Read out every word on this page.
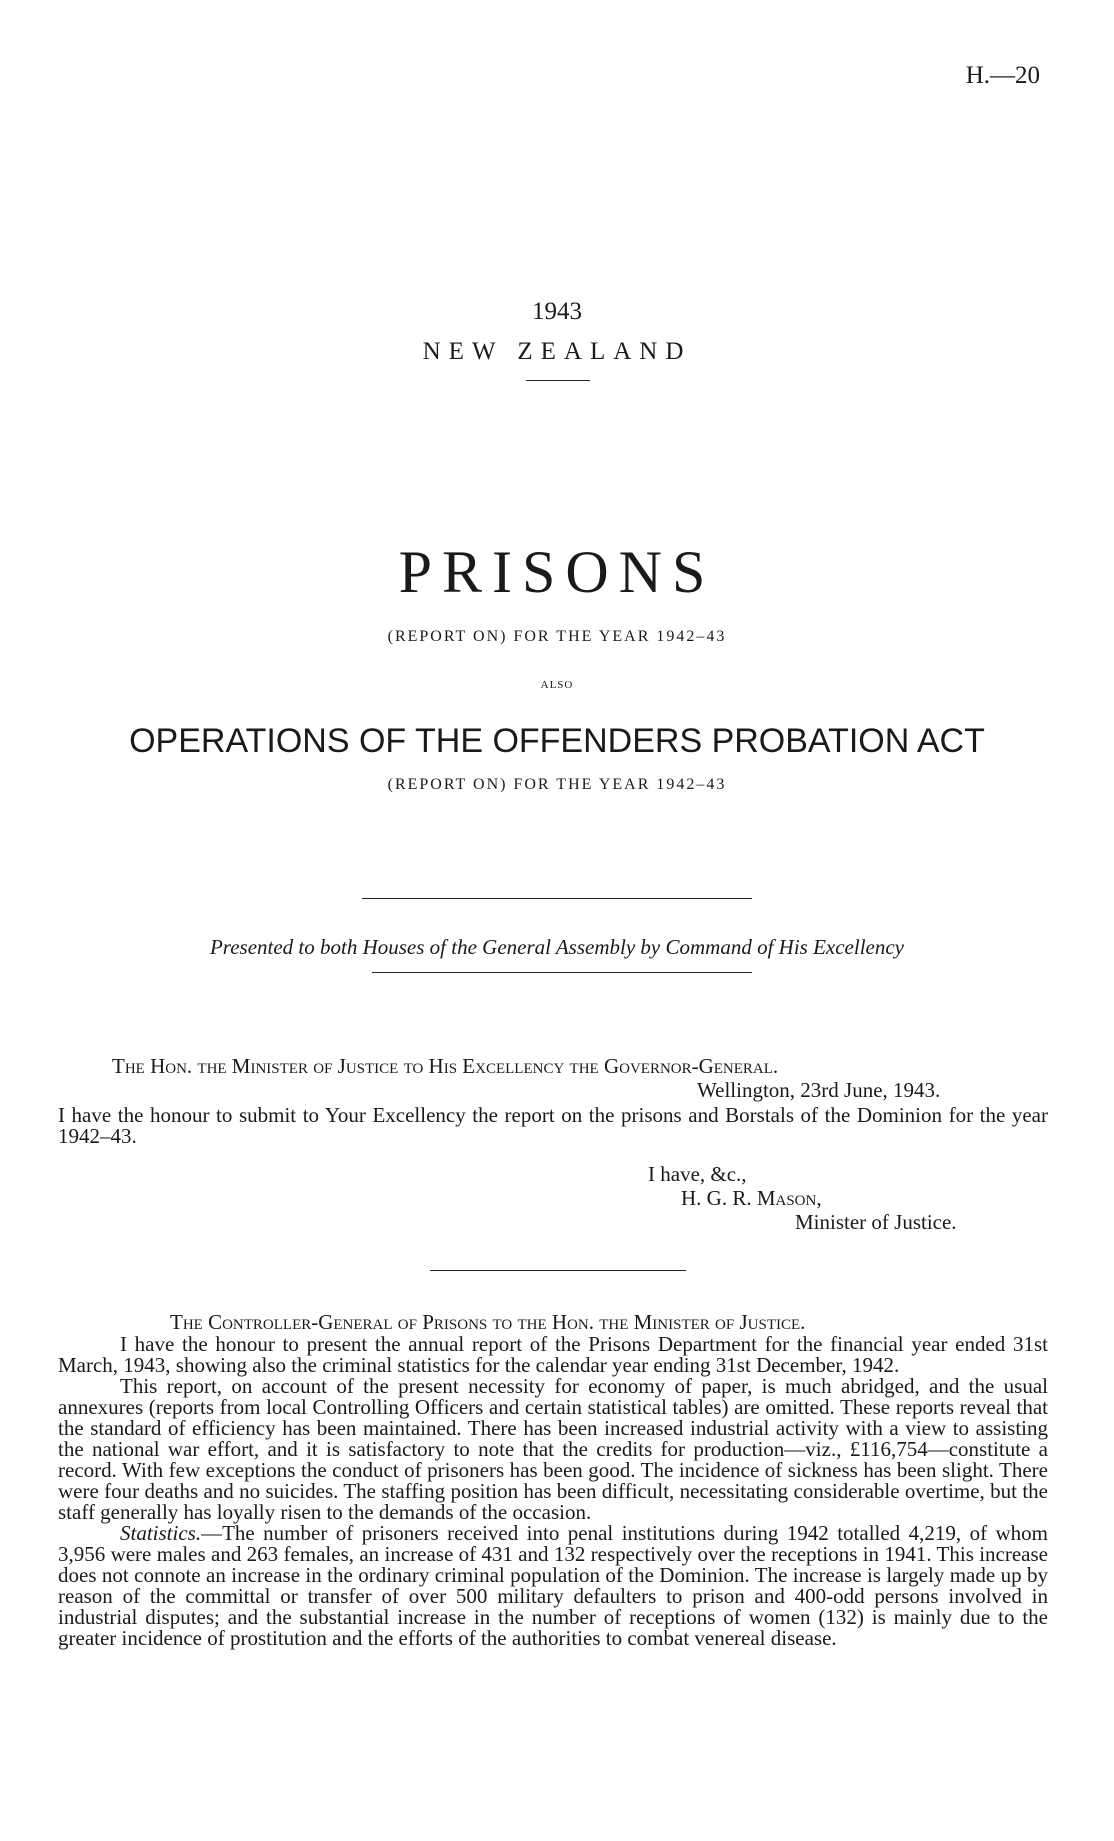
H.—20
1943
NEW ZEALAND
PRISONS
(REPORT ON) FOR THE YEAR 1942–43
ALSO
OPERATIONS OF THE OFFENDERS PROBATION ACT
(REPORT ON) FOR THE YEAR 1942–43
Presented to both Houses of the General Assembly by Command of His Excellency
The Hon. the Minister of Justice to His Excellency the Governor-General.
Wellington, 23rd June, 1943.

I have the honour to submit to Your Excellency the report on the prisons and Borstals of the Dominion for the year 1942–43.

I have, &c.,
H. G. R. Mason,
Minister of Justice.
The Controller-General of Prisons to the Hon. the Minister of Justice.

I have the honour to present the annual report of the Prisons Department for the financial year ended 31st March, 1943, showing also the criminal statistics for the calendar year ending 31st December, 1942.

This report, on account of the present necessity for economy of paper, is much abridged, and the usual annexures (reports from local Controlling Officers and certain statistical tables) are omitted. These reports reveal that the standard of efficiency has been maintained. There has been increased industrial activity with a view to assisting the national war effort, and it is satisfactory to note that the credits for production—viz., £116,754—constitute a record. With few exceptions the conduct of prisoners has been good. The incidence of sickness has been slight. There were four deaths and no suicides. The staffing position has been difficult, necessitating considerable overtime, but the staff generally has loyally risen to the demands of the occasion.

Statistics.—The number of prisoners received into penal institutions during 1942 totalled 4,219, of whom 3,956 were males and 263 females, an increase of 431 and 132 respectively over the receptions in 1941. This increase does not connote an increase in the ordinary criminal population of the Dominion. The increase is largely made up by reason of the committal or transfer of over 500 military defaulters to prison and 400-odd persons involved in industrial disputes; and the substantial increase in the number of receptions of women (132) is mainly due to the greater incidence of prostitution and the efforts of the authorities to combat venereal disease.
